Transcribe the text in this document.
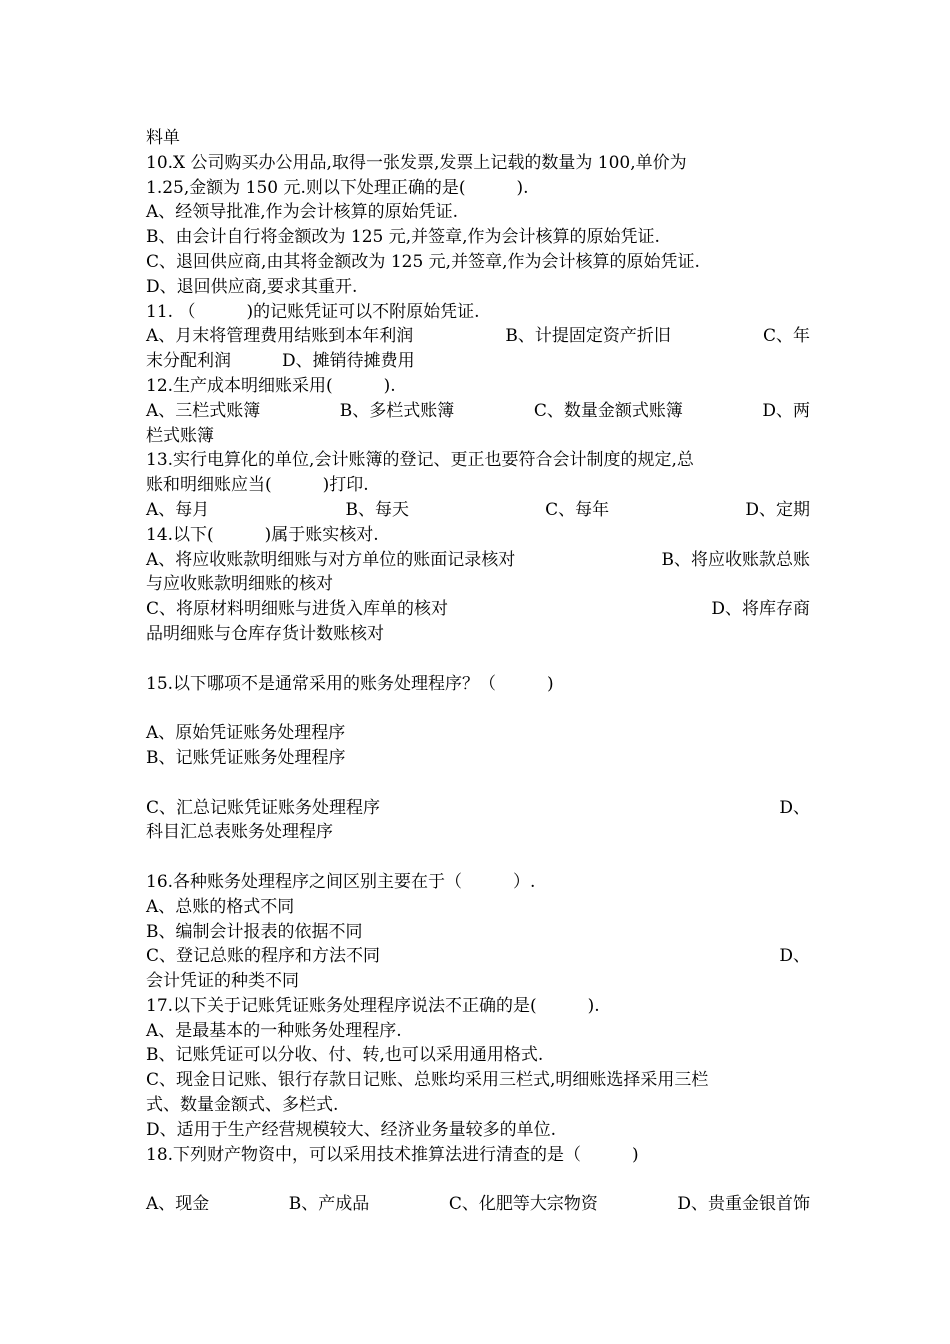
料单
10.X 公司购买办公用品,取得一张发票,发票上记载的数量为 100,单价为
1.25,金额为 150 元.则以下处理正确的是(　　　).
A、经领导批准,作为会计核算的原始凭证.
B、由会计自行将金额改为 125 元,并签章,作为会计核算的原始凭证.
C、退回供应商,由其将金额改为 125 元,并签章,作为会计核算的原始凭证.
D、退回供应商,要求其重开.
11. （　　　)的记账凭证可以不附原始凭证.
A、月末将管理费用结账到本年利润	B、计提固定资产折旧	C、年
末分配利润　　　D、摊销待摊费用
12.生产成本明细账采用(　　　).
A、三栏式账簿	B、多栏式账簿	C、数量金额式账簿	D、两
栏式账簿
13.实行电算化的单位,会计账簿的登记、更正也要符合会计制度的规定,总
账和明细账应当(　　　)打印.
A、每月	B、每天	C、每年	D、定期
14.以下(　　　)属于账实核对.
A、将应收账款明细账与对方单位的账面记录核对	B、将应收账款总账
与应收账款明细账的核对
C、将原材料明细账与进货入库单的核对	D、将库存商
品明细账与仓库存货计数账核对
15.以下哪项不是通常采用的账务处理程序？（　　　)
A、原始凭证账务处理程序
B、记账凭证账务处理程序
C、汇总记账凭证账务处理程序	D、
科目汇总表账务处理程序
16.各种账务处理程序之间区别主要在于（　　　）.
A、总账的格式不同
B、编制会计报表的依据不同
C、登记总账的程序和方法不同	D、
会计凭证的种类不同
17.以下关于记账凭证账务处理程序说法不正确的是(　　　).
A、是最基本的一种账务处理程序.
B、记账凭证可以分收、付、转,也可以采用通用格式.
C、现金日记账、银行存款日记账、总账均采用三栏式,明细账选择采用三栏
式、数量金额式、多栏式.
D、适用于生产经营规模较大、经济业务量较多的单位.
18.下列财产物资中，可以采用技术推算法进行清查的是（　　　)
A、现金	B、产成品	C、化肥等大宗物资	D、贵重金银首饰
